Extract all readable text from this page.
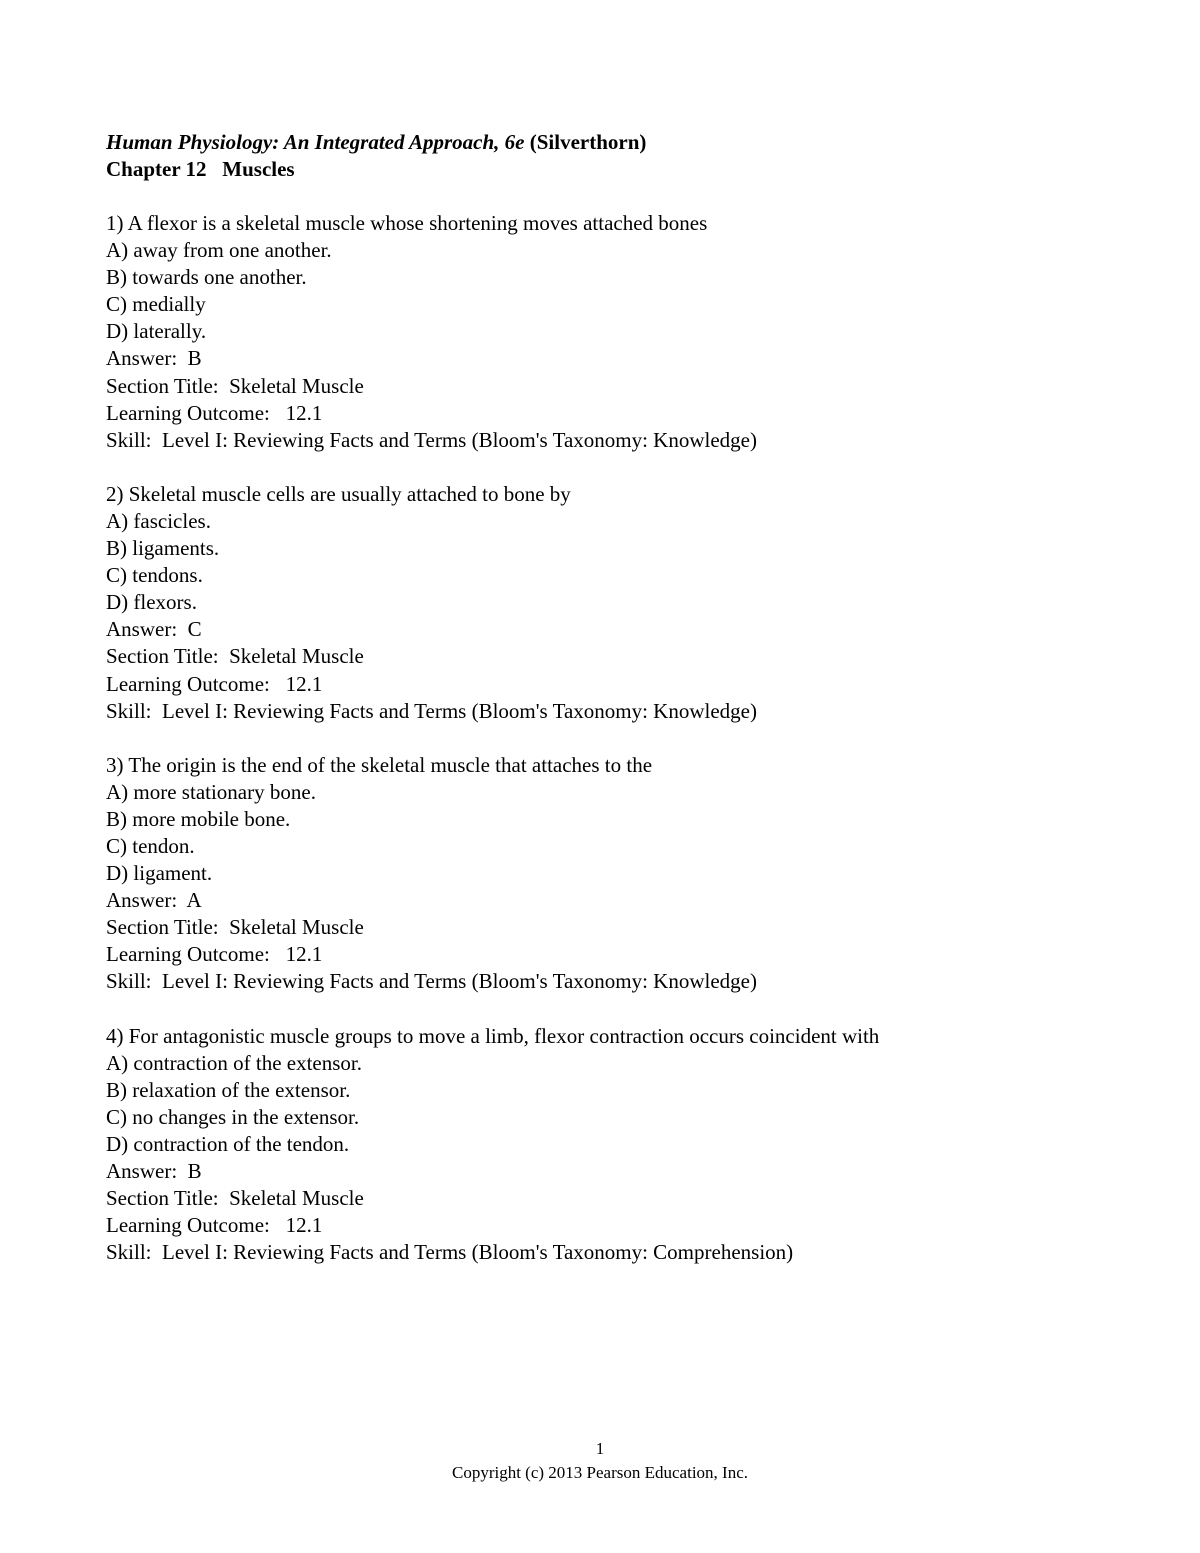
Human Physiology: An Integrated Approach, 6e (Silverthorn)
Chapter 12   Muscles
1) A flexor is a skeletal muscle whose shortening moves attached bones
A) away from one another.
B) towards one another.
C) medially
D) laterally.
Answer:  B
Section Title:  Skeletal Muscle
Learning Outcome:   12.1
Skill:  Level I: Reviewing Facts and Terms (Bloom's Taxonomy: Knowledge)
2) Skeletal muscle cells are usually attached to bone by
A) fascicles.
B) ligaments.
C) tendons.
D) flexors.
Answer:  C
Section Title:  Skeletal Muscle
Learning Outcome:   12.1
Skill:  Level I: Reviewing Facts and Terms (Bloom's Taxonomy: Knowledge)
3) The origin is the end of the skeletal muscle that attaches to the
A) more stationary bone.
B) more mobile bone.
C) tendon.
D) ligament.
Answer:  A
Section Title:  Skeletal Muscle
Learning Outcome:   12.1
Skill:  Level I: Reviewing Facts and Terms (Bloom's Taxonomy: Knowledge)
4) For antagonistic muscle groups to move a limb, flexor contraction occurs coincident with
A) contraction of the extensor.
B) relaxation of the extensor.
C) no changes in the extensor.
D) contraction of the tendon.
Answer:  B
Section Title:  Skeletal Muscle
Learning Outcome:   12.1
Skill:  Level I: Reviewing Facts and Terms (Bloom's Taxonomy: Comprehension)
1
Copyright (c) 2013 Pearson Education, Inc.
